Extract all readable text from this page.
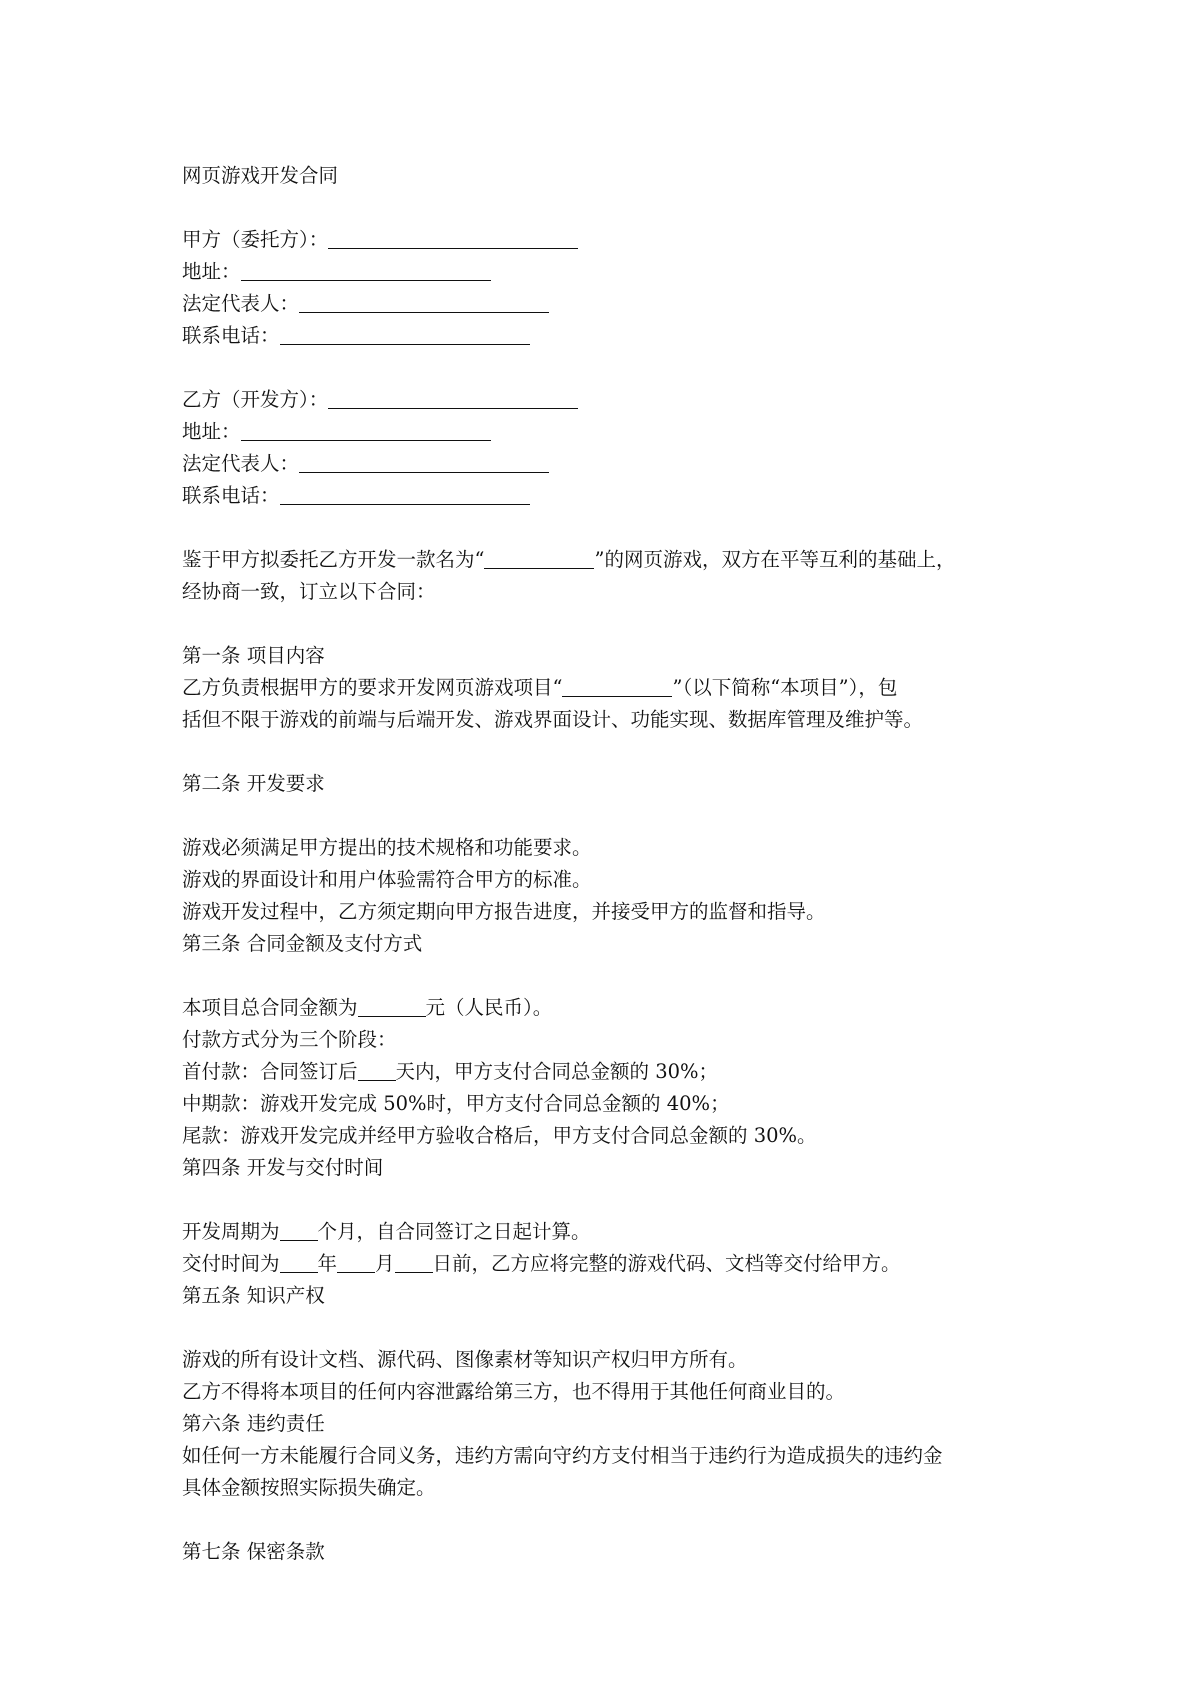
网页游戏开发合同
甲方（委托方）：
地址：
法定代表人：
联系电话：
乙方（开发方）：
地址：
法定代表人：
联系电话：
鉴于甲方拟委托乙方开发一款名为“	”的网页游戏，双方在平等互利的基础上，
经协商一致，订立以下合同：
第一条 项目内容
乙方负责根据甲方的要求开发网页游戏项目“	”（以下简称“本项目”），包
括但不限于游戏的前端与后端开发、游戏界面设计、功能实现、数据库管理及维护等。
第二条 开发要求
游戏必须满足甲方提出的技术规格和功能要求。
游戏的界面设计和用户体验需符合甲方的标准。
游戏开发过程中，乙方须定期向甲方报告进度，并接受甲方的监督和指导。
第三条 合同金额及支付方式
本项目总合同金额为	元（人民币）。
付款方式分为三个阶段：
首付款：合同签订后 天内，甲方支付合同总金额的 30%；
中期款：游戏开发完成 50%时，甲方支付合同总金额的 40%；
尾款：游戏开发完成并经甲方验收合格后，甲方支付合同总金额的 30%。
第四条 开发与交付时间
开发周期为 个月，自合同签订之日起计算。
交付时间为 年 月 日前，乙方应将完整的游戏代码、文档等交付给甲方。
第五条 知识产权
游戏的所有设计文档、源代码、图像素材等知识产权归甲方所有。
乙方不得将本项目的任何内容泄露给第三方，也不得用于其他任何商业目的。
第六条 违约责任
如任何一方未能履行合同义务，违约方需向守约方支付相当于违约行为造成损失的违约金
具体金额按照实际损失确定。
第七条 保密条款
